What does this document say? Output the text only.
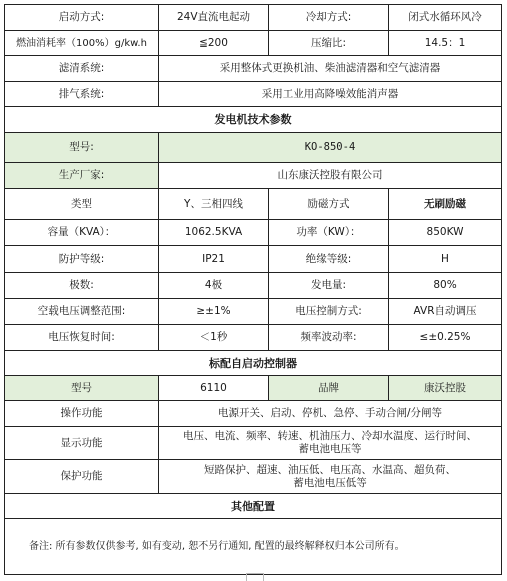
启动方式:	24V直流电起动	冷却方式:	闭式水循环风冷
燃油消耗率（100%）g/kw.h	≦200	压缩比:	14.5：1
滤清系统:	采用整体式更换机油、柴油滤清器和空气滤清器		
排气系统:	采用工业用高降噪效能消声器		
发电机技术参数			
型号:	KO-850-4		
生产厂家:	山东康沃控股有限公司		
类型	Y、三相四线	励磁方式	无刷励磁
容量（KVA）：	1062.5KVA	功率（KW）：	850KW
防护等级:	IP21	绝缘等级:	H
极数:	4极	发电量:	80%
空载电压调整范围:	≥±1%	电压控制方式:	AVR自动调压
电压恢复时间:	＜1秒	频率波动率:	≤±0.25%
标配自启动控制器			
型号	6110	品牌	康沃控股
操作功能	电源开关、启动、停机、急停、手动合闸/分闸等		
显示功能	电压、电流、频率、转速、机油压力、冷却水温度、运行时间、
蓄电池电压等		

保护功能	短路保护、超速、油压低、电压高、水温高、超负荷、
蓄电池电压低等		

其他配置			
备注: 所有参数仅供参考, 如有变动, 恕不另行通知, 配置的最终解释权归本公司所有。			
